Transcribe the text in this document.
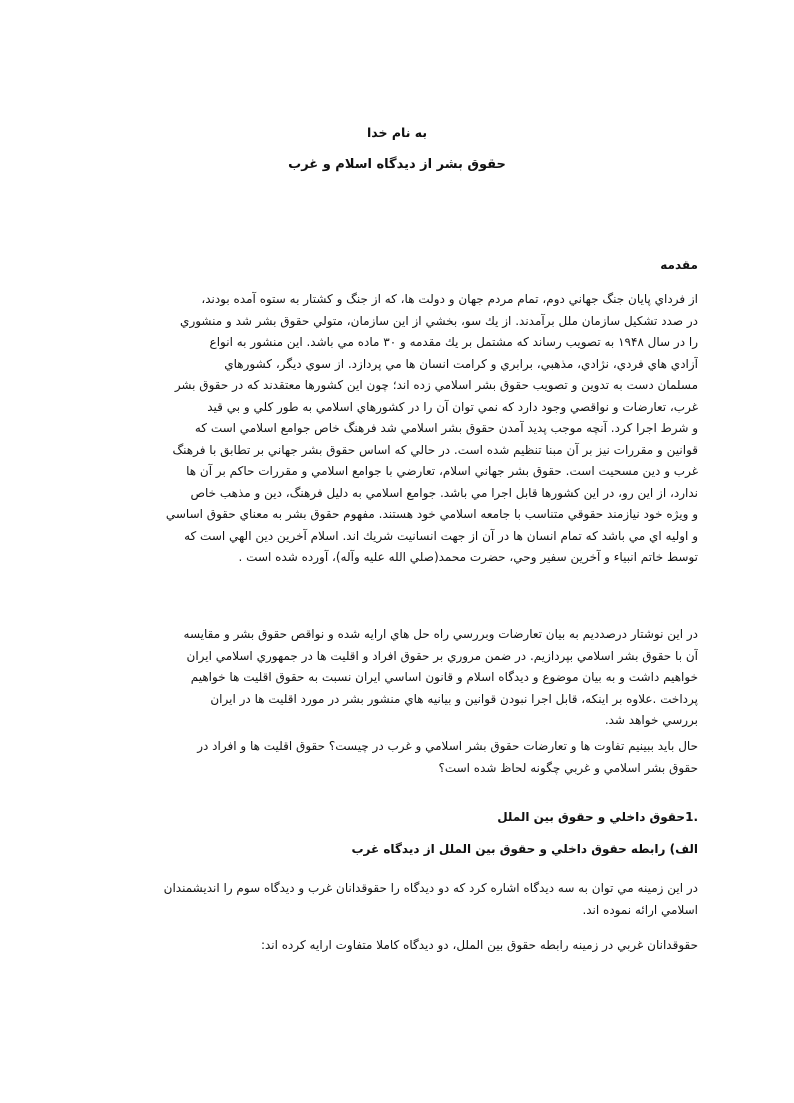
به نام خدا
حقوق بشر از ديدگاه اسلام و غرب
مقدمه
از فرداي پايان جنگ جهاني دوم، تمام مردم جهان و دولت ها، كه از جنگ و كشتار به ستوه آمده بودند،
در صدد تشكيل سازمان ملل برآمدند. از يك سو، بخشي از اين سازمان، متولي حقوق بشر شد و منشوري
را در سال ۱۹۴۸ به تصويب رساند كه مشتمل بر يك مقدمه و ۳۰ ماده مي باشد. اين منشور به انواع
آزادي هاي فردي، نژادي، مذهبي، برابري و كرامت انسان ها مي پردازد. از سوي ديگر، كشورهاي
مسلمان دست به تدوين و تصويب حقوق بشر اسلامي زده اند؛ چون اين كشورها معتقدند كه در حقوق بشر
غرب، تعارضات و نواقصي وجود دارد كه نمي توان آن را در كشورهاي اسلامي به طور كلي و بي قيد
و شرط اجرا كرد. آنچه موجب پديد آمدن حقوق بشر اسلامي شد فرهنگ خاص جوامع اسلامي است كه
قوانين و مقررات نيز بر آن مبنا تنظيم شده است. در حالي كه اساس حقوق بشر جهاني بر تطابق با فرهنگ
غرب و دين مسحيت است. حقوق بشر جهاني اسلام، تعارضي با جوامع اسلامي و مقررات حاكم بر آن ها
ندارد، از اين رو، در اين كشورها قابل اجرا مي باشد. جوامع اسلامي به دليل فرهنگ، دين و مذهب خاص
و ويژه خود نيازمند حقوقي متناسب با جامعه اسلامي خود هستند. مفهوم حقوق بشر به معناي حقوق اساسي
و اوليه اي مي باشد كه تمام انسان ها در آن از جهت انسانيت شريك اند. اسلام آخرين دين الهي است كه
توسط خاتم انبياء و آخرين سفير وحي، حضرت محمد(صلي الله عليه وآله)، آورده شده است .
در اين نوشتار درصدديم به بيان تعارضات وبررسي راه حل هاي ارايه شده و نواقص حقوق بشر و مقايسه
آن با حقوق بشر اسلامي بپردازيم. در ضمن مروري بر حقوق افراد و اقليت ها در جمهوري اسلامي ايران
خواهيم داشت و به بيان موضوع و ديدگاه اسلام و قانون اساسي ايران نسبت به حقوق اقليت ها خواهيم
پرداخت .علاوه بر اينكه، قابل اجرا نبودن قوانين و بيانيه هاي منشور بشر در مورد اقليت ها در ايران
بررسي خواهد شد.
حال بايد ببينيم تفاوت ها و تعارضات حقوق بشر اسلامي و غرب در چيست؟ حقوق اقليت ها و افراد در
حقوق بشر اسلامي و غربي چگونه لحاظ شده است؟
.1حقوق داخلي و حقوق بين الملل
الف) رابطه حقوق داخلي و حقوق بين الملل از ديدگاه غرب
در اين زمينه مي توان به سه ديدگاه اشاره كرد كه دو ديدگاه را حقوقدانان غرب و ديدگاه سوم را انديشمندان
اسلامي ارائه نموده اند.
حقوقدانان غربي در زمينه رابطه حقوق بين الملل، دو ديدگاه كاملا متفاوت ارايه كرده اند:
